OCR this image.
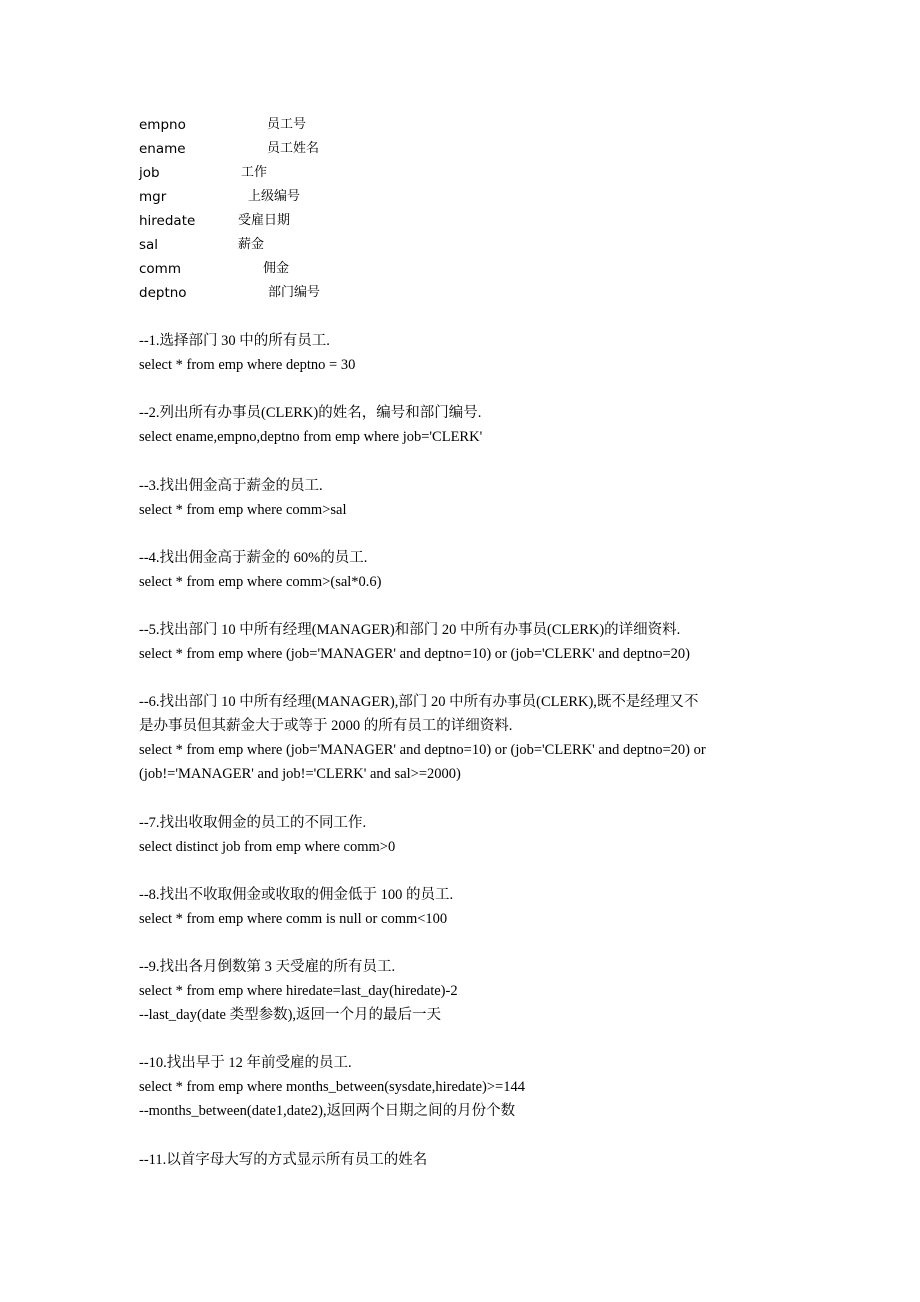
empno	员工号
ename	员工姓名
job	工作
mgr	上级编号
hiredate	受雇日期
sal	薪金
comm	佣金
deptno	部门编号
--1.选择部门 30 中的所有员工.
select * from emp where deptno = 30
--2.列出所有办事员(CLERK)的姓名，编号和部门编号.
select ename,empno,deptno from emp where job='CLERK'
--3.找出佣金高于薪金的员工.
select * from emp where comm>sal
--4.找出佣金高于薪金的 60%的员工.
select * from emp where comm>(sal*0.6)
--5.找出部门 10 中所有经理(MANAGER)和部门 20 中所有办事员(CLERK)的详细资料.
select * from emp where (job='MANAGER' and deptno=10) or (job='CLERK' and deptno=20)
--6.找出部门 10 中所有经理(MANAGER),部门 20 中所有办事员(CLERK),既不是经理又不
是办事员但其薪金大于或等于 2000 的所有员工的详细资料.
select * from emp where (job='MANAGER' and deptno=10) or (job='CLERK' and deptno=20) or
(job!='MANAGER' and job!='CLERK' and sal>=2000)
--7.找出收取佣金的员工的不同工作.
select distinct job from emp where comm>0
--8.找出不收取佣金或收取的佣金低于 100 的员工.
select * from emp where comm is null or comm<100
--9.找出各月倒数第 3 天受雇的所有员工.
select * from emp where hiredate=last_day(hiredate)-2
--last_day(date 类型参数),返回一个月的最后一天
--10.找出早于 12 年前受雇的员工.
select * from emp where months_between(sysdate,hiredate)>=144
--months_between(date1,date2),返回两个日期之间的月份个数
--11.以首字母大写的方式显示所有员工的姓名
